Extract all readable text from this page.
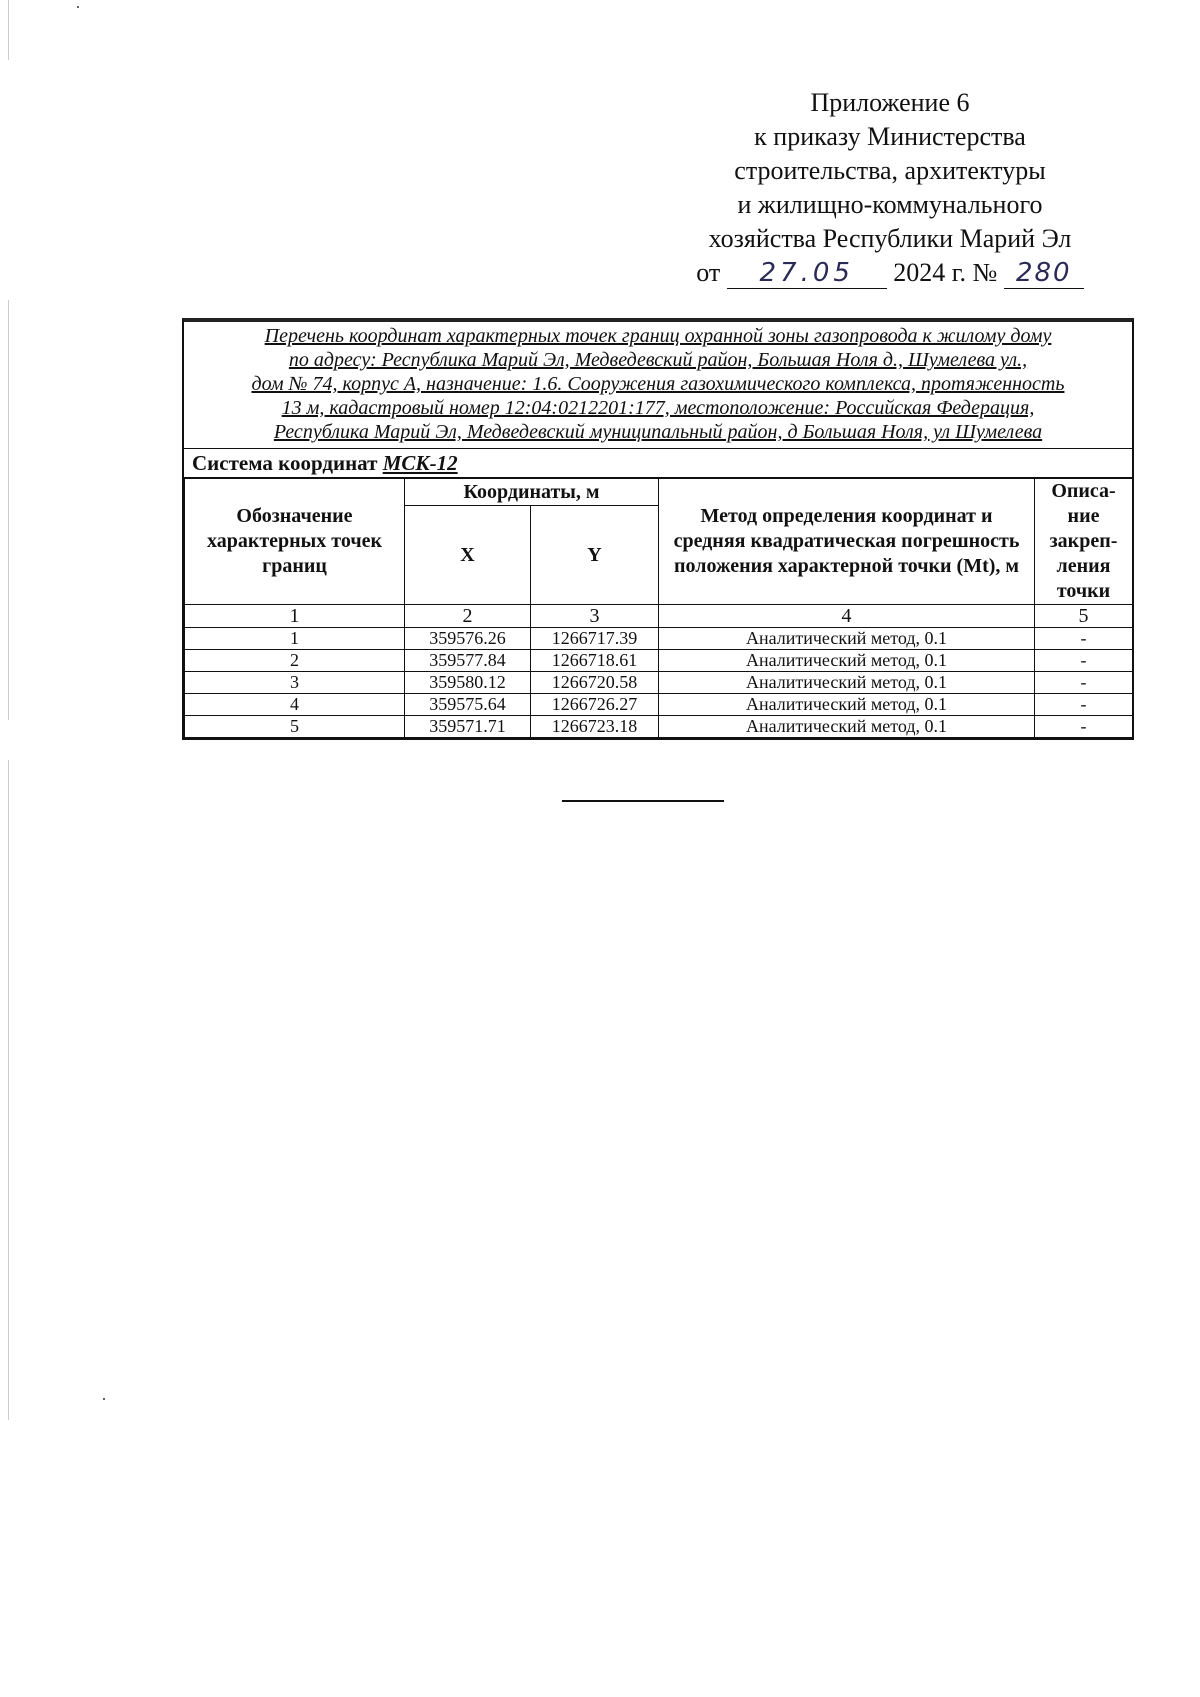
Приложение 6
к приказу Министерства
строительства, архитектуры
и жилищно-коммунального
хозяйства Республики Марий Эл
от 27.05 2024 г. № 280
Перечень координат характерных точек границ охранной зоны газопровода к жилому дому
по адресу: Республика Марий Эл, Медведевский район, Большая Ноля д., Шумелева ул.,
дом № 74, корпус А, назначение: 1.6. Сооружения газохимического комплекса, протяженность
13 м, кадастровый номер 12:04:0212201:177, местоположение: Российская Федерация,
Республика Марий Эл, Медведевский муниципальный район, д Большая Ноля, ул Шумелева
Система координат МСК-12
Обозначение характерных точек границ	Координаты, м		Метод определения координат и средняя квадратическая погрешность положения характерной точки (Mt), м	Описа-
ние
закреп-
ления
точки

	X	Y		
1	2	3	4	5
1	359576.26	1266717.39	Аналитический метод, 0.1	-
2	359577.84	1266718.61	Аналитический метод, 0.1	-
3	359580.12	1266720.58	Аналитический метод, 0.1	-
4	359575.64	1266726.27	Аналитический метод, 0.1	-
5	359571.71	1266723.18	Аналитический метод, 0.1	-
